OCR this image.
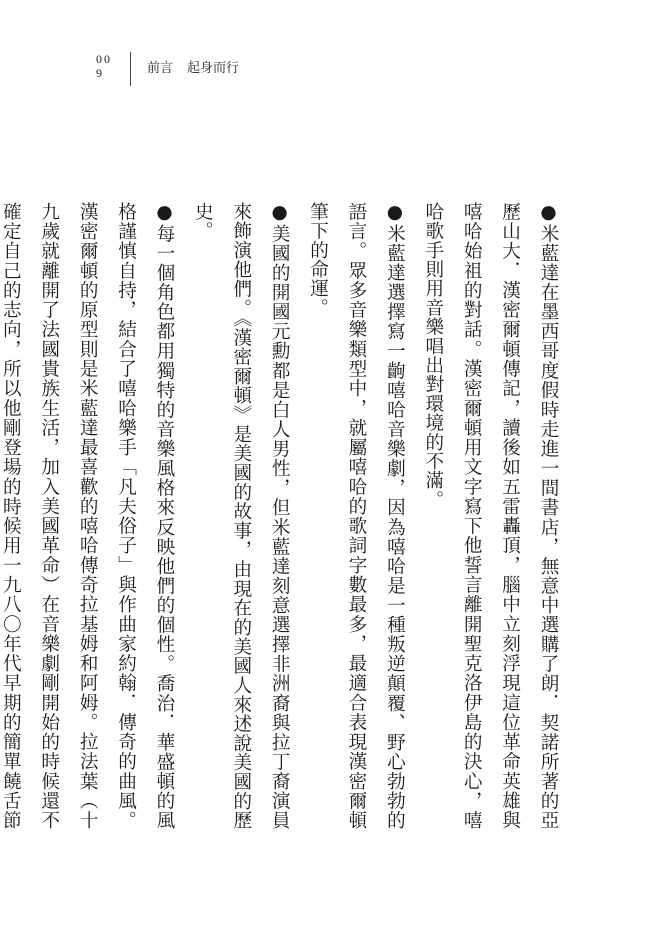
009	前言 起身而行

●米藍達在墨西哥度假時走進一間書店，無意中選購了朗．契諾所著的亞歷山大．漢密爾頓傳記，讀後如五雷轟頂，腦中立刻浮現這位革命英雄與嘻哈始祖的對話。漢密爾頓用文字寫下他誓言離開聖克洛伊島的決心，嘻哈歌手則用音樂唱出對環境的不滿。

●米藍達選擇寫一齣嘻哈音樂劇，因為嘻哈是一種叛逆顛覆、野心勃勃的語言。眾多音樂類型中，就屬嘻哈的歌詞字數最多，最適合表現漢密爾頓筆下的命運。

●美國的開國元勳都是白人男性，但米藍達刻意選擇非洲裔與拉丁裔演員來飾演他們。《漢密爾頓》是美國的故事，由現在的美國人來述說美國的歷史。

●每一個角色都用獨特的音樂風格來反映他們的個性。喬治．華盛頓的風格謹慎自持，結合了嘻哈樂手「凡夫俗子」與作曲家約翰．傳奇的曲風。漢密爾頓的原型則是米藍達最喜歡的嘻哈傳奇拉基姆和阿姆。拉法葉（十九歲就離開了法國貴族生活，加入美國革命）在音樂劇剛開始的時候還不確定自己的志向，所以他剛登場的時候用一九八〇年代早期的簡單饒舌節
